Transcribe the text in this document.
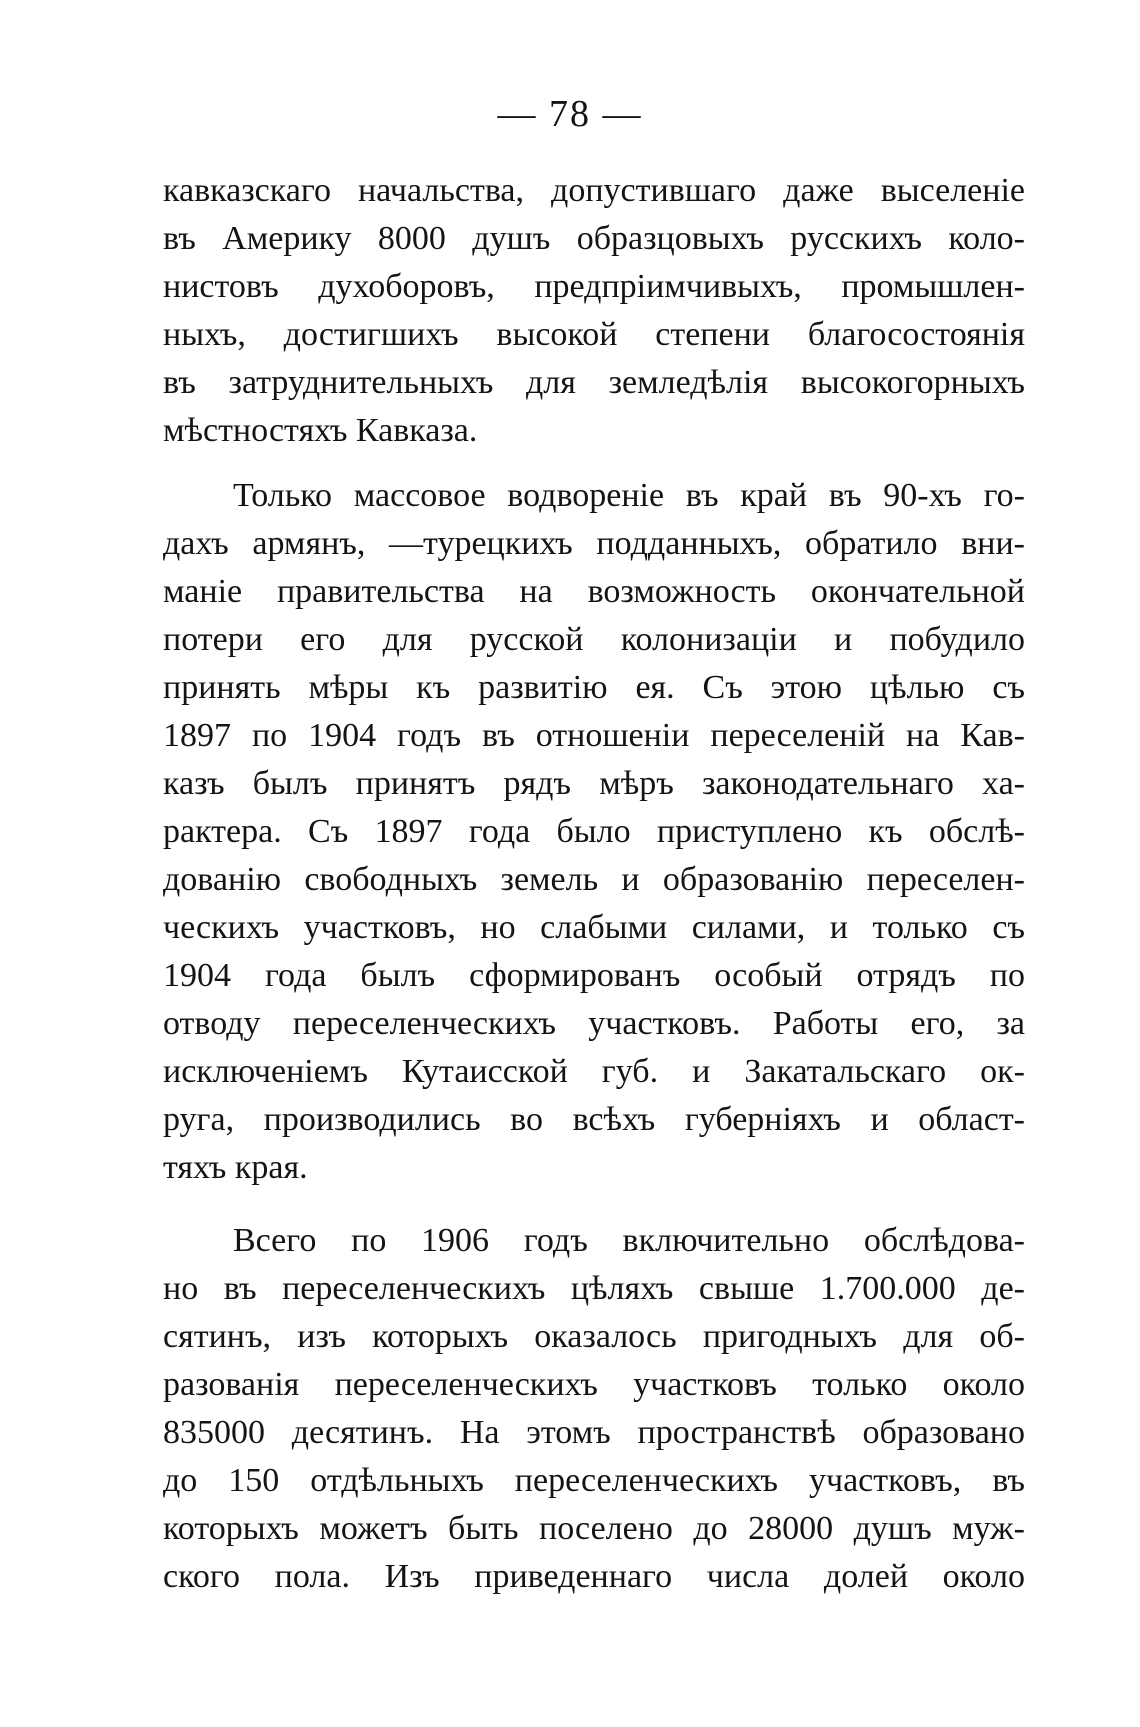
— 78 —
кавказскаго начальства, допустившаго даже выселеніе
въ Америку 8000 душъ образцовыхъ русскихъ коло-
нистовъ духоборовъ, предпріимчивыхъ, промышлен-
ныхъ, достигшихъ высокой степени благосостоянія
въ затруднительныхъ для земледѣлія высокогорныхъ
мѣстностяхъ Кавказа.
Только массовое водвореніе въ край въ 90-хъ го-
дахъ армянъ, —турецкихъ подданныхъ, обратило вни-
маніе правительства на возможность окончательной
потери его для русской колонизаціи и побудило
принять мѣры къ развитію ея. Съ этою цѣлью съ
1897 по 1904 годъ въ отношеніи переселеній на Кав-
казъ былъ принятъ рядъ мѣръ законодательнаго ха-
рактера. Съ 1897 года было приступлено къ обслѣ-
дованію свободныхъ земель и образованію переселен-
ческихъ участковъ, но слабыми силами, и только съ
1904 года былъ сформированъ особый отрядъ по
отводу переселенческихъ участковъ. Работы его, за
исключеніемъ Кутаисской губ. и Закатальскаго ок-
руга, производились во всѣхъ губерніяхъ и област-
тяхъ края.
Всего по 1906 годъ включительно обслѣдова-
но въ переселенческихъ цѣляхъ свыше 1.700.000 де-
сятинъ, изъ которыхъ оказалось пригодныхъ для об-
разованія переселенческихъ участковъ только около
835000 десятинъ. На этомъ пространствѣ образовано
до 150 отдѣльныхъ переселенческихъ участковъ, въ
которыхъ можетъ быть поселено до 28000 душъ муж-
ского пола. Изъ приведеннаго числа долей около
